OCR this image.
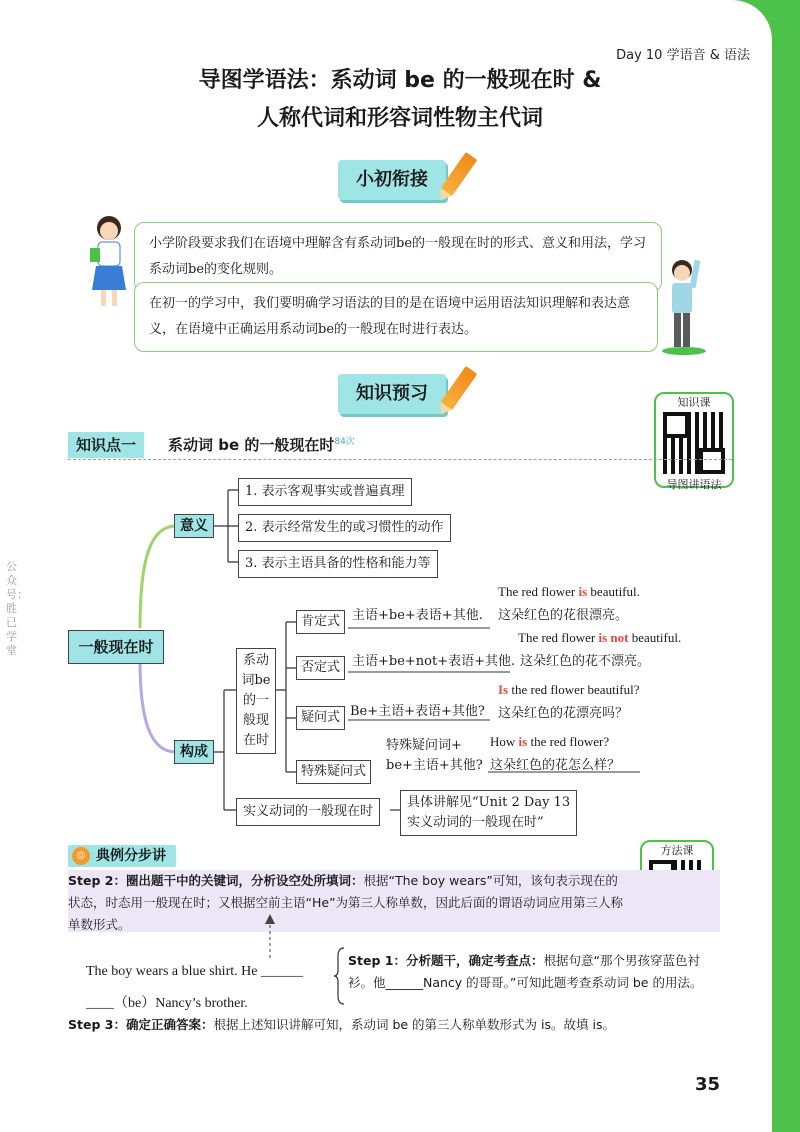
Day 10 学语音 & 语法
导图学语法：系动词 be 的一般现在时 &
人称代词和形容词性物主代词
小初衔接
小学阶段要求我们在语境中理解含有系动词be的一般现在时的形式、意义和用法，学习系动词be的变化规则。
在初一的学习中，我们要明确学习语法的目的是在语境中运用语法知识理解和表达意义，在语境中正确运用系动词be的一般现在时进行表达。
知识预习	知识课
导图讲语法
知识点一	系动词 be 的一般现在时$^{84次}$
一般现在时
意义
1. 表示客观事实或普遍真理
2. 表示经常发生的或习惯性的动作
3. 表示主语具备的性格和能力等
构成
系动词be的一般现在时
肯定式 主语+be+表语+其他.
The red flower is beautiful.
这朵红色的花很漂亮。
否定式 主语+be+not+表语+其他.
The red flower is not beautiful.
这朵红色的花不漂亮。
疑问式 Be+主语+表语+其他?
Is the red flower beautiful?
这朵红色的花漂亮吗？
特殊疑问式
特殊疑问词+
be+主语+其他?
How is the red flower?
这朵红色的花怎么样？
实义动词的一般现在时
具体讲解见“Unit 2 Day 13
实义动词的一般现在时”
◎ 典例分步讲	方法课
Step 2：圈出题干中的关键词，分析设空处所填词：根据“The boy wears”可知，该句表示现在的状态，时态用一般现在时；又根据空前主语“He”为第三人称单数，因此后面的谓语动词应用第三人称单数形式。
The boy wears a blue shirt. He ______
____（be）Nancy’s brother.
Step 1：分析题干，确定考查点：根据句意“那个男孩穿蓝色衬衫。他______Nancy 的哥哥。”可知此题考查系动词 be 的用法。
Step 3：确定正确答案：根据上述知识讲解可知，系动词 be 的第三人称单数形式为 is。故填 is。
公众号：胜已学堂
35
